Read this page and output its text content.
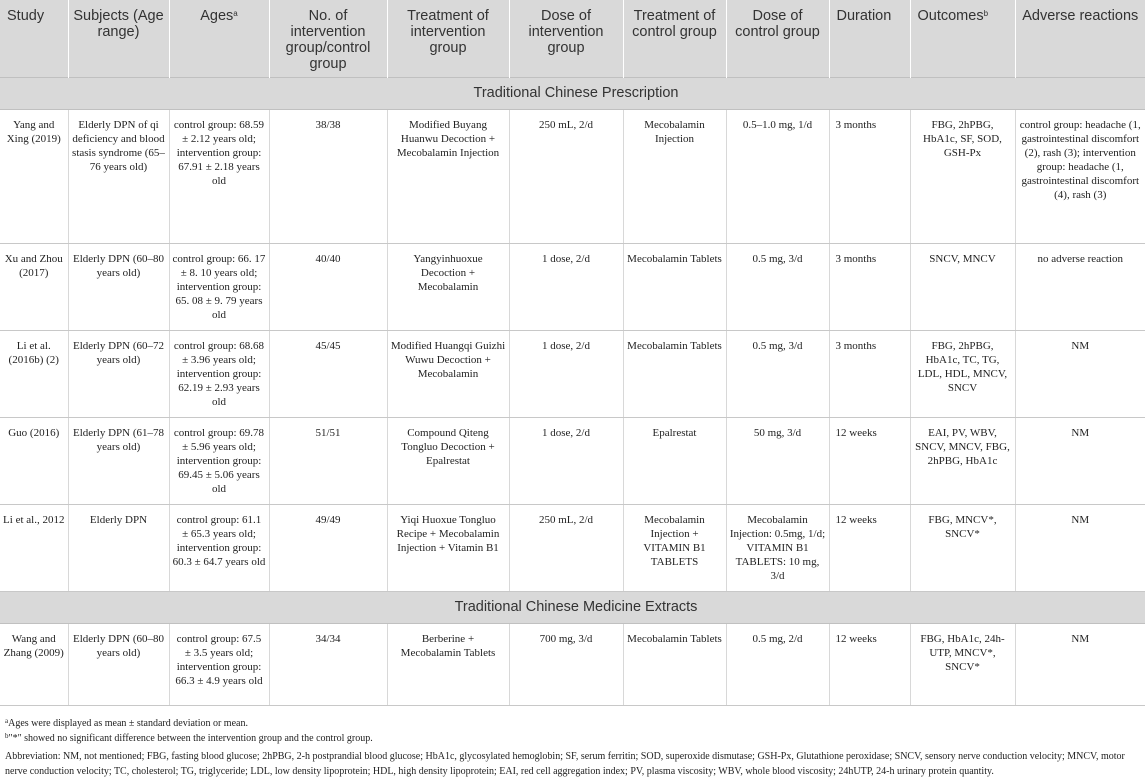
Study	Subjects (Age range)	Ages$^a$	No. of intervention group/control group	Treatment of intervention group	Dose of intervention group	Treatment of control group	Dose of control group	Duration	Outcomes$^b$	Adverse reactions
Traditional Chinese Prescription										
Yang and Xing (2019)	Elderly DPN of qi deficiency and blood stasis syndrome (65–76 years old)	control group: 68.59 ± 2.12 years old; intervention group: 67.91 ± 2.18 years old	38/38	Modified Buyang Huanwu Decoction + Mecobalamin Injection	250 mL, 2/d	Mecobalamin Injection	0.5–1.0 mg, 1/d	3 months	FBG, 2hPBG, HbA1c, SF, SOD, GSH-Px	control group: headache (1, gastrointestinal discomfort (2), rash (3); intervention group: headache (1, gastrointestinal discomfort (4), rash (3)
Xu and Zhou (2017)	Elderly DPN (60–80 years old)	control group: 66. 17 ± 8. 10 years old; intervention group: 65. 08 ± 9. 79 years old	40/40	Yangyinhuoxue Decoction + Mecobalamin	1 dose, 2/d	Mecobalamin Tablets	0.5 mg, 3/d	3 months	SNCV, MNCV	no adverse reaction
Li et al. (2016b) (2)	Elderly DPN (60–72 years old)	control group: 68.68 ± 3.96 years old; intervention group: 62.19 ± 2.93 years old	45/45	Modified Huangqi Guizhi Wuwu Decoction + Mecobalamin	1 dose, 2/d	Mecobalamin Tablets	0.5 mg, 3/d	3 months	FBG, 2hPBG, HbA1c, TC, TG, LDL, HDL, MNCV, SNCV	NM
Guo (2016)	Elderly DPN (61–78 years old)	control group: 69.78 ± 5.96 years old; intervention group: 69.45 ± 5.06 years old	51/51	Compound Qiteng Tongluo Decoction + Epalrestat	1 dose, 2/d	Epalrestat	50 mg, 3/d	12 weeks	EAI, PV, WBV, SNCV, MNCV, FBG, 2hPBG, HbA1c	NM
Li et al., 2012	Elderly DPN	control group: 61.1 ± 65.3 years old; intervention group: 60.3 ± 64.7 years old	49/49	Yiqi Huoxue Tongluo Recipe + Mecobalamin Injection + Vitamin B1	250 mL, 2/d	Mecobalamin Injection + VITAMIN B1 TABLETS	Mecobalamin Injection: 0.5mg, 1/d; VITAMIN B1 TABLETS: 10 mg, 3/d	12 weeks	FBG, MNCV*, SNCV*	NM
Traditional Chinese Medicine Extracts										
Wang and Zhang (2009)	Elderly DPN (60–80 years old)	control group: 67.5 ± 3.5 years old; intervention group: 66.3 ± 4.9 years old	34/34	Berberine + Mecobalamin Tablets	700 mg, 3/d	Mecobalamin Tablets	0.5 mg, 2/d	12 weeks	FBG, HbA1c, 24h-UTP, MNCV*, SNCV*	NM

$^a$Ages were displayed as mean ± standard deviation or mean.

$^b$"*" showed no significant difference between the intervention group and the control group.

Abbreviation: NM, not mentioned; FBG, fasting blood glucose; 2hPBG, 2-h postprandial blood glucose; HbA1c, glycosylated hemoglobin; SF, serum ferritin; SOD, superoxide dismutase; GSH-Px, Glutathione peroxidase; SNCV, sensory nerve conduction velocity; MNCV, motor nerve conduction velocity; TC, cholesterol; TG, triglyceride; LDL, low density lipoprotein; HDL, high density lipoprotein; EAI, red cell aggregation index; PV, plasma viscosity; WBV, whole blood viscosity; 24hUTP, 24-h urinary protein quantity.
